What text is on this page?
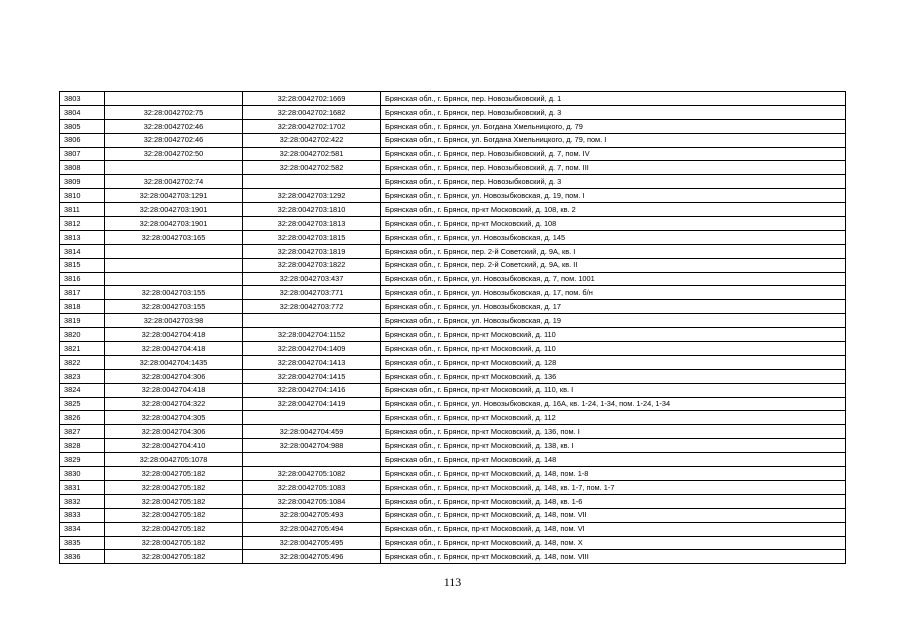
3803		32:28:0042702:1669	Брянская обл., г. Брянск, пер. Новозыбковский, д. 1
3804	32:28:0042702:75	32:28:0042702:1682	Брянская обл., г. Брянск, пер. Новозыбковский, д. 3
3805	32:28:0042702:46	32:28:0042702:1702	Брянская обл., г. Брянск, ул. Богдана Хмельницкого, д. 79
3806	32:28:0042702:46	32:28:0042702:422	Брянская обл., г. Брянск, ул. Богдана Хмельницкого, д. 79, пом. I
3807	32:28:0042702:50	32:28:0042702:581	Брянская обл., г. Брянск, пер. Новозыбковский, д. 7, пом. IV
3808		32:28:0042702:582	Брянская обл., г. Брянск, пер. Новозыбковский, д. 7, пом. III
3809	32:28:0042702:74		Брянская обл., г. Брянск, пер. Новозыбковский, д. 3
3810	32:28:0042703:1291	32:28:0042703:1292	Брянская обл., г. Брянск, ул. Новозыбковская, д. 19, пом. I
3811	32:28:0042703:1901	32:28:0042703:1810	Брянская обл., г. Брянск, пр-кт Московский, д. 108, кв. 2
3812	32:28:0042703:1901	32:28:0042703:1813	Брянская обл., г. Брянск, пр-кт Московский, д. 108
3813	32:28:0042703:165	32:28:0042703:1815	Брянская обл., г. Брянск, ул. Новозыбковская, д. 145
3814		32:28:0042703:1819	Брянская обл., г. Брянск, пер. 2-й Советский, д. 9А, кв. I
3815		32:28:0042703:1822	Брянская обл., г. Брянск, пер. 2-й Советский, д. 9А, кв. II
3816		32:28:0042703:437	Брянская обл., г. Брянск, ул. Новозыбковская, д. 7, пом. 1001
3817	32:28:0042703:155	32:28:0042703:771	Брянская обл., г. Брянск, ул. Новозыбковская, д. 17, пом. б/н
3818	32:28:0042703:155	32:28:0042703:772	Брянская обл., г. Брянск, ул. Новозыбковская, д. 17
3819	32:28:0042703:98		Брянская обл., г. Брянск, ул. Новозыбковская, д. 19
3820	32:28:0042704:418	32:28:0042704:1152	Брянская обл., г. Брянск, пр-кт Московский, д. 110
3821	32:28:0042704:418	32:28:0042704:1409	Брянская обл., г. Брянск, пр-кт Московский, д. 110
3822	32:28:0042704:1435	32:28:0042704:1413	Брянская обл., г. Брянск, пр-кт Московский, д. 128
3823	32:28:0042704:306	32:28:0042704:1415	Брянская обл., г. Брянск, пр-кт Московский, д. 136
3824	32:28:0042704:418	32:28:0042704:1416	Брянская обл., г. Брянск, пр-кт Московский, д. 110, кв. I
3825	32:28:0042704:322	32:28:0042704:1419	Брянская обл., г. Брянск, ул. Новозыбковская, д. 16А, кв. 1-24, 1-34, пом. 1-24, 1-34
3826	32:28:0042704:305		Брянская обл., г. Брянск, пр-кт Московский, д. 112
3827	32:28:0042704:306	32:28:0042704:459	Брянская обл., г. Брянск, пр-кт Московский, д. 136, пом. I
3828	32:28:0042704:410	32:28:0042704:988	Брянская обл., г. Брянск, пр-кт Московский, д. 138, кв. I
3829	32:28:0042705:1078		Брянская обл., г. Брянск, пр-кт Московский, д. 148
3830	32:28:0042705:182	32:28:0042705:1082	Брянская обл., г. Брянск, пр-кт Московский, д. 148, пом. 1-8
3831	32:28:0042705:182	32:28:0042705:1083	Брянская обл., г. Брянск, пр-кт Московский, д. 148, кв. 1-7, пом. 1-7
3832	32:28:0042705:182	32:28:0042705:1084	Брянская обл., г. Брянск, пр-кт Московский, д. 148, кв. 1-6
3833	32:28:0042705:182	32:28:0042705:493	Брянская обл., г. Брянск, пр-кт Московский, д. 148, пом. VII
3834	32:28:0042705:182	32:28:0042705:494	Брянская обл., г. Брянск, пр-кт Московский, д. 148, пом. VI
3835	32:28:0042705:182	32:28:0042705:495	Брянская обл., г. Брянск, пр-кт Московский, д. 148, пом. X
3836	32:28:0042705:182	32:28:0042705:496	Брянская обл., г. Брянск, пр-кт Московский, д. 148, пом. VIII
113
